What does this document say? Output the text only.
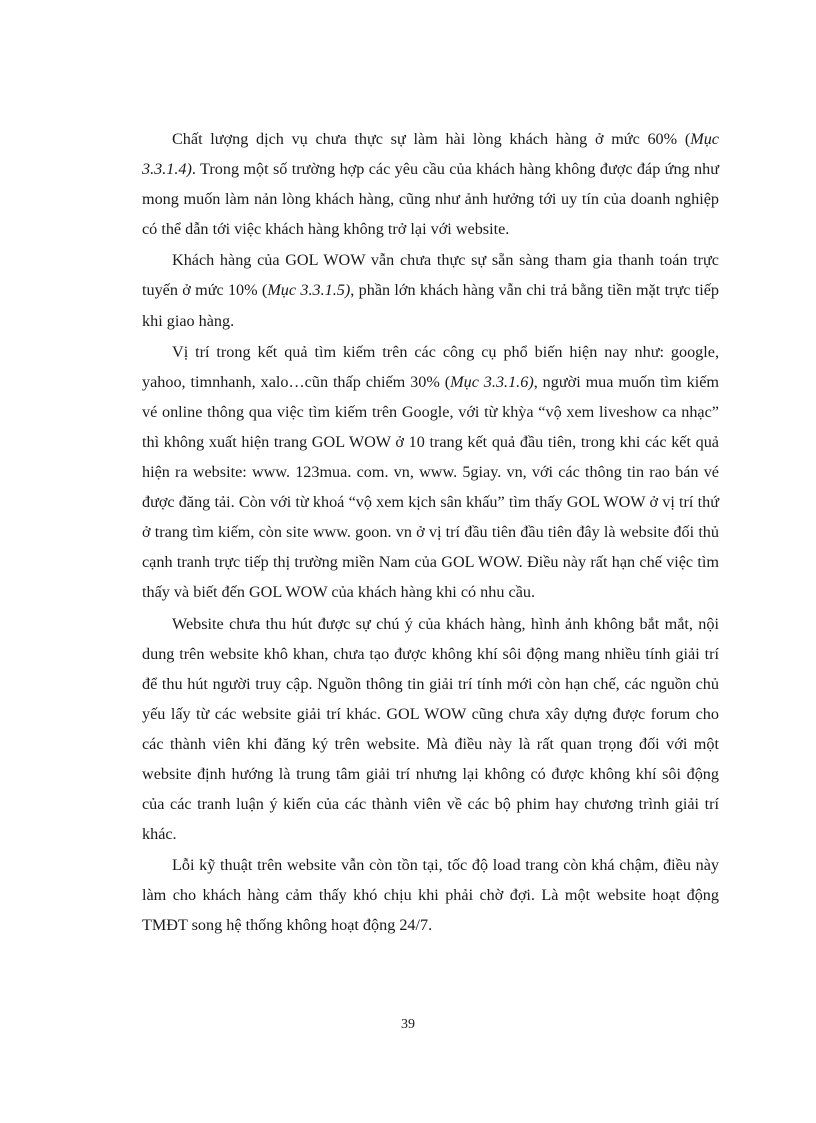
Chất lượng dịch vụ chưa thực sự làm hài lòng khách hàng ở mức 60% (Mục 3.3.1.4). Trong một số trường hợp các yêu cầu của khách hàng không được đáp ứng như mong muốn làm nản lòng khách hàng, cũng như ảnh hưởng tới uy tín của doanh nghiệp có thể dẫn tới việc khách hàng không trở lại với website.

Khách hàng của GOL WOW vẫn chưa thực sự sẵn sàng tham gia thanh toán trực tuyến ở mức 10% (Mục 3.3.1.5), phần lớn khách hàng vẫn chi trả bằng tiền mặt trực tiếp khi giao hàng.

Vị trí trong kết quả tìm kiếm trên các công cụ phổ biến hiện nay như: google, yahoo, timnhanh, xalo…cũn thấp chiếm 30% (Mục 3.3.1.6), người mua muốn tìm kiếm vé online thông qua việc tìm kiếm trên Google, với từ khỳa “vộ xem liveshow ca nhạc” thì không xuất hiện trang GOL WOW ở 10 trang kết quả đầu tiên, trong khi các kết quả hiện ra website: www. 123mua. com. vn, www. 5giay. vn, với các thông tin rao bán vé được đăng tải. Còn với từ khoá “vộ xem kịch sân khấu” tìm thấy GOL WOW ở vị trí thứ ở trang tìm kiếm, còn site www. goon. vn ở vị trí đầu tiên đầu tiên đây là website đối thủ cạnh tranh trực tiếp thị trường miền Nam của GOL WOW. Điều này rất hạn chế việc tìm thấy và biết đến GOL WOW của khách hàng khi có nhu cầu.

Website chưa thu hút được sự chú ý của khách hàng, hình ảnh không bắt mắt, nội dung trên website khô khan, chưa tạo được không khí sôi động mang nhiều tính giải trí để thu hút người truy cập. Nguồn thông tin giải trí tính mới còn hạn chế, các nguồn chủ yếu lấy từ các website giải trí khác. GOL WOW cũng chưa xây dựng được forum cho các thành viên khi đăng ký trên website. Mà điều này là rất quan trọng đối với một website định hướng là trung tâm giải trí nhưng lại không có được không khí sôi động của các tranh luận ý kiến của các thành viên về các bộ phim hay chương trình giải trí khác.

Lỗi kỹ thuật trên website vẫn còn tồn tại, tốc độ load trang còn khá chậm, điều này làm cho khách hàng cảm thấy khó chịu khi phải chờ đợi. Là một website hoạt động TMĐT song hệ thống không hoạt động 24/7.

39
